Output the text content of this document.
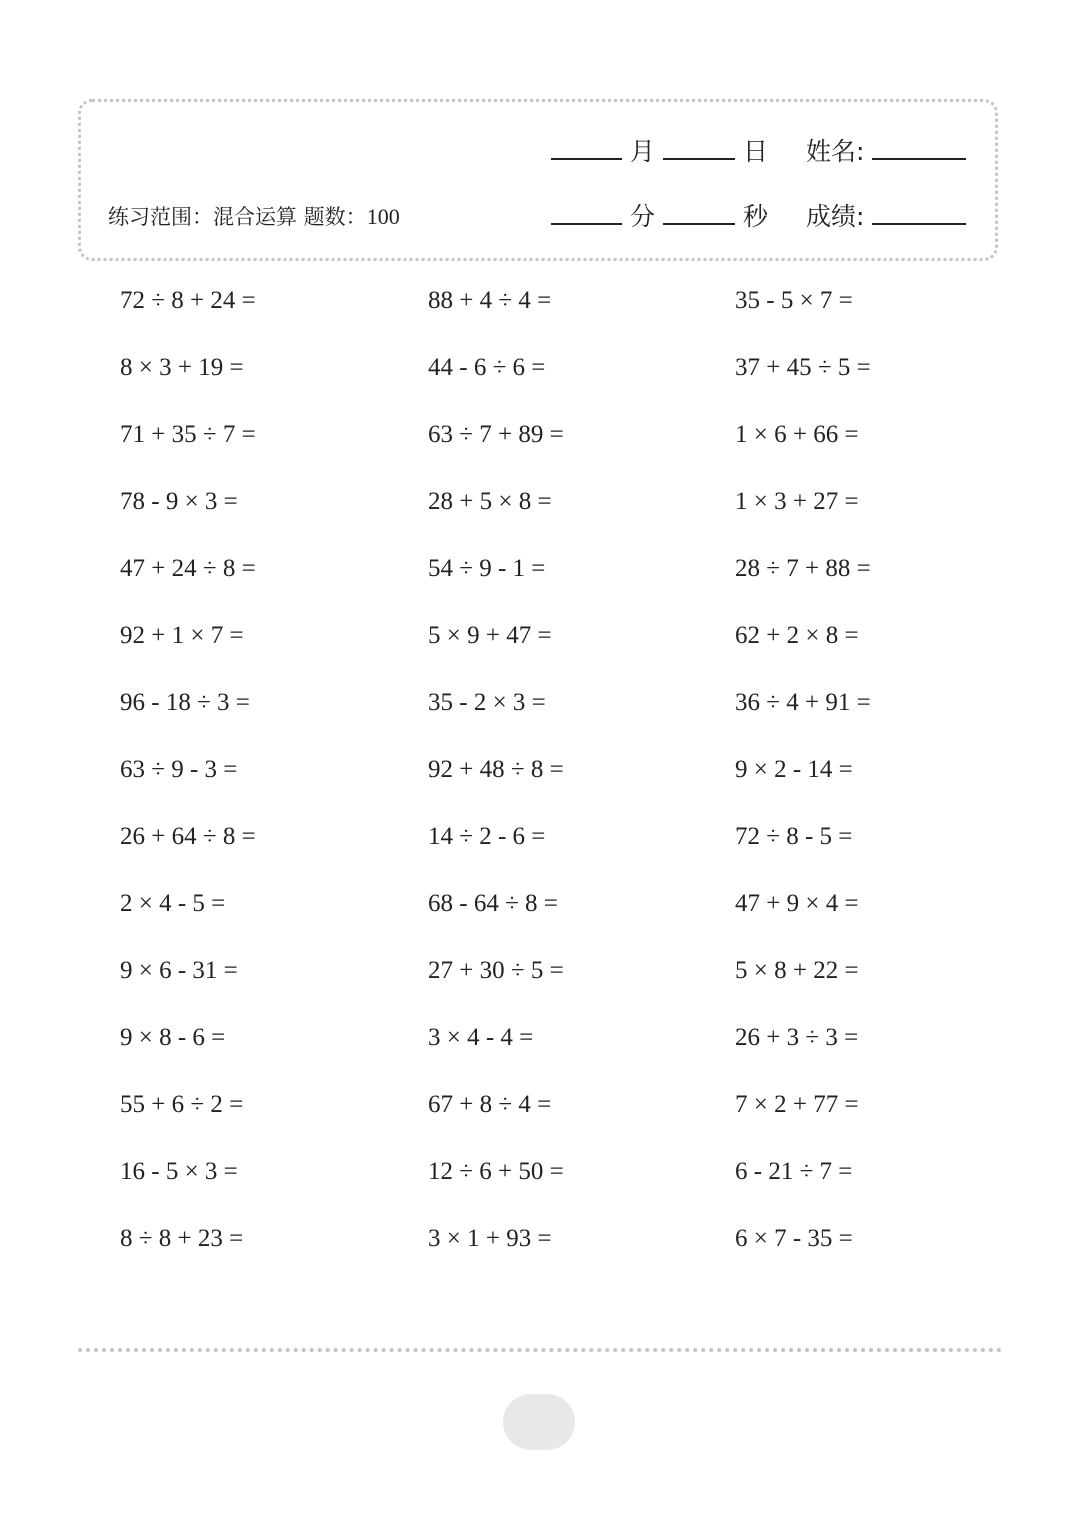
练习范围：混合运算 题数：100
月	日 姓名:
分	秒 成绩:
72 ÷ 8 + 24 =	88 + 4 ÷ 4 =	35 - 5 × 7 =
8 × 3 + 19 =	44 - 6 ÷ 6 =	37 + 45 ÷ 5 =
71 + 35 ÷ 7 =	63 ÷ 7 + 89 =	1 × 6 + 66 =
78 - 9 × 3 =	28 + 5 × 8 =	1 × 3 + 27 =
47 + 24 ÷ 8 =	54 ÷ 9 - 1 =	28 ÷ 7 + 88 =
92 + 1 × 7 =	5 × 9 + 47 =	62 + 2 × 8 =
96 - 18 ÷ 3 =	35 - 2 × 3 =	36 ÷ 4 + 91 =
63 ÷ 9 - 3 =	92 + 48 ÷ 8 =	9 × 2 - 14 =
26 + 64 ÷ 8 =	14 ÷ 2 - 6 =	72 ÷ 8 - 5 =
2 × 4 - 5 =	68 - 64 ÷ 8 =	47 + 9 × 4 =
9 × 6 - 31 =	27 + 30 ÷ 5 =	5 × 8 + 22 =
9 × 8 - 6 =	3 × 4 - 4 =	26 + 3 ÷ 3 =
55 + 6 ÷ 2 =	67 + 8 ÷ 4 =	7 × 2 + 77 =
16 - 5 × 3 =	12 ÷ 6 + 50 =	6 - 21 ÷ 7 =
8 ÷ 8 + 23 =	3 × 1 + 93 =	6 × 7 - 35 =
